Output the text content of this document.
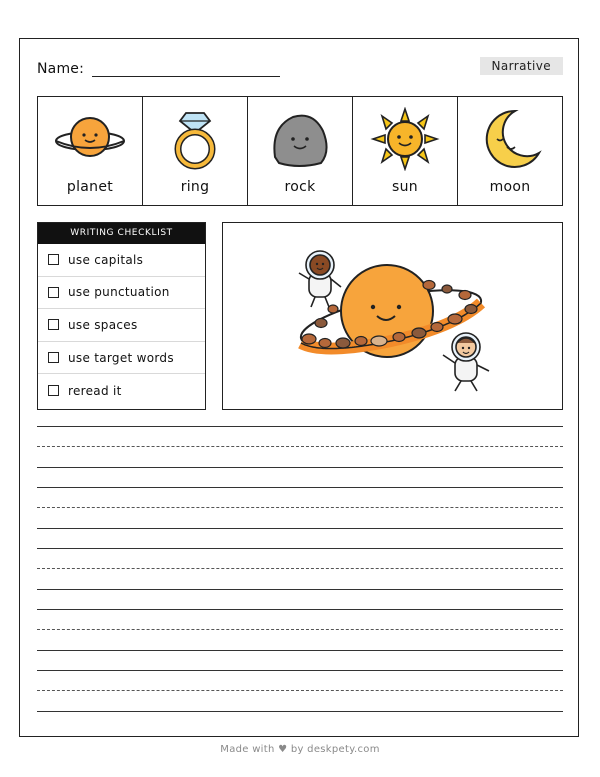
Name:	Narrative
planet	ring	rock	sun	moon
WRITING CHECKLIST
use capitals
use punctuation
use spaces
use target words
reread it
Made with ♥ by deskpety.com
